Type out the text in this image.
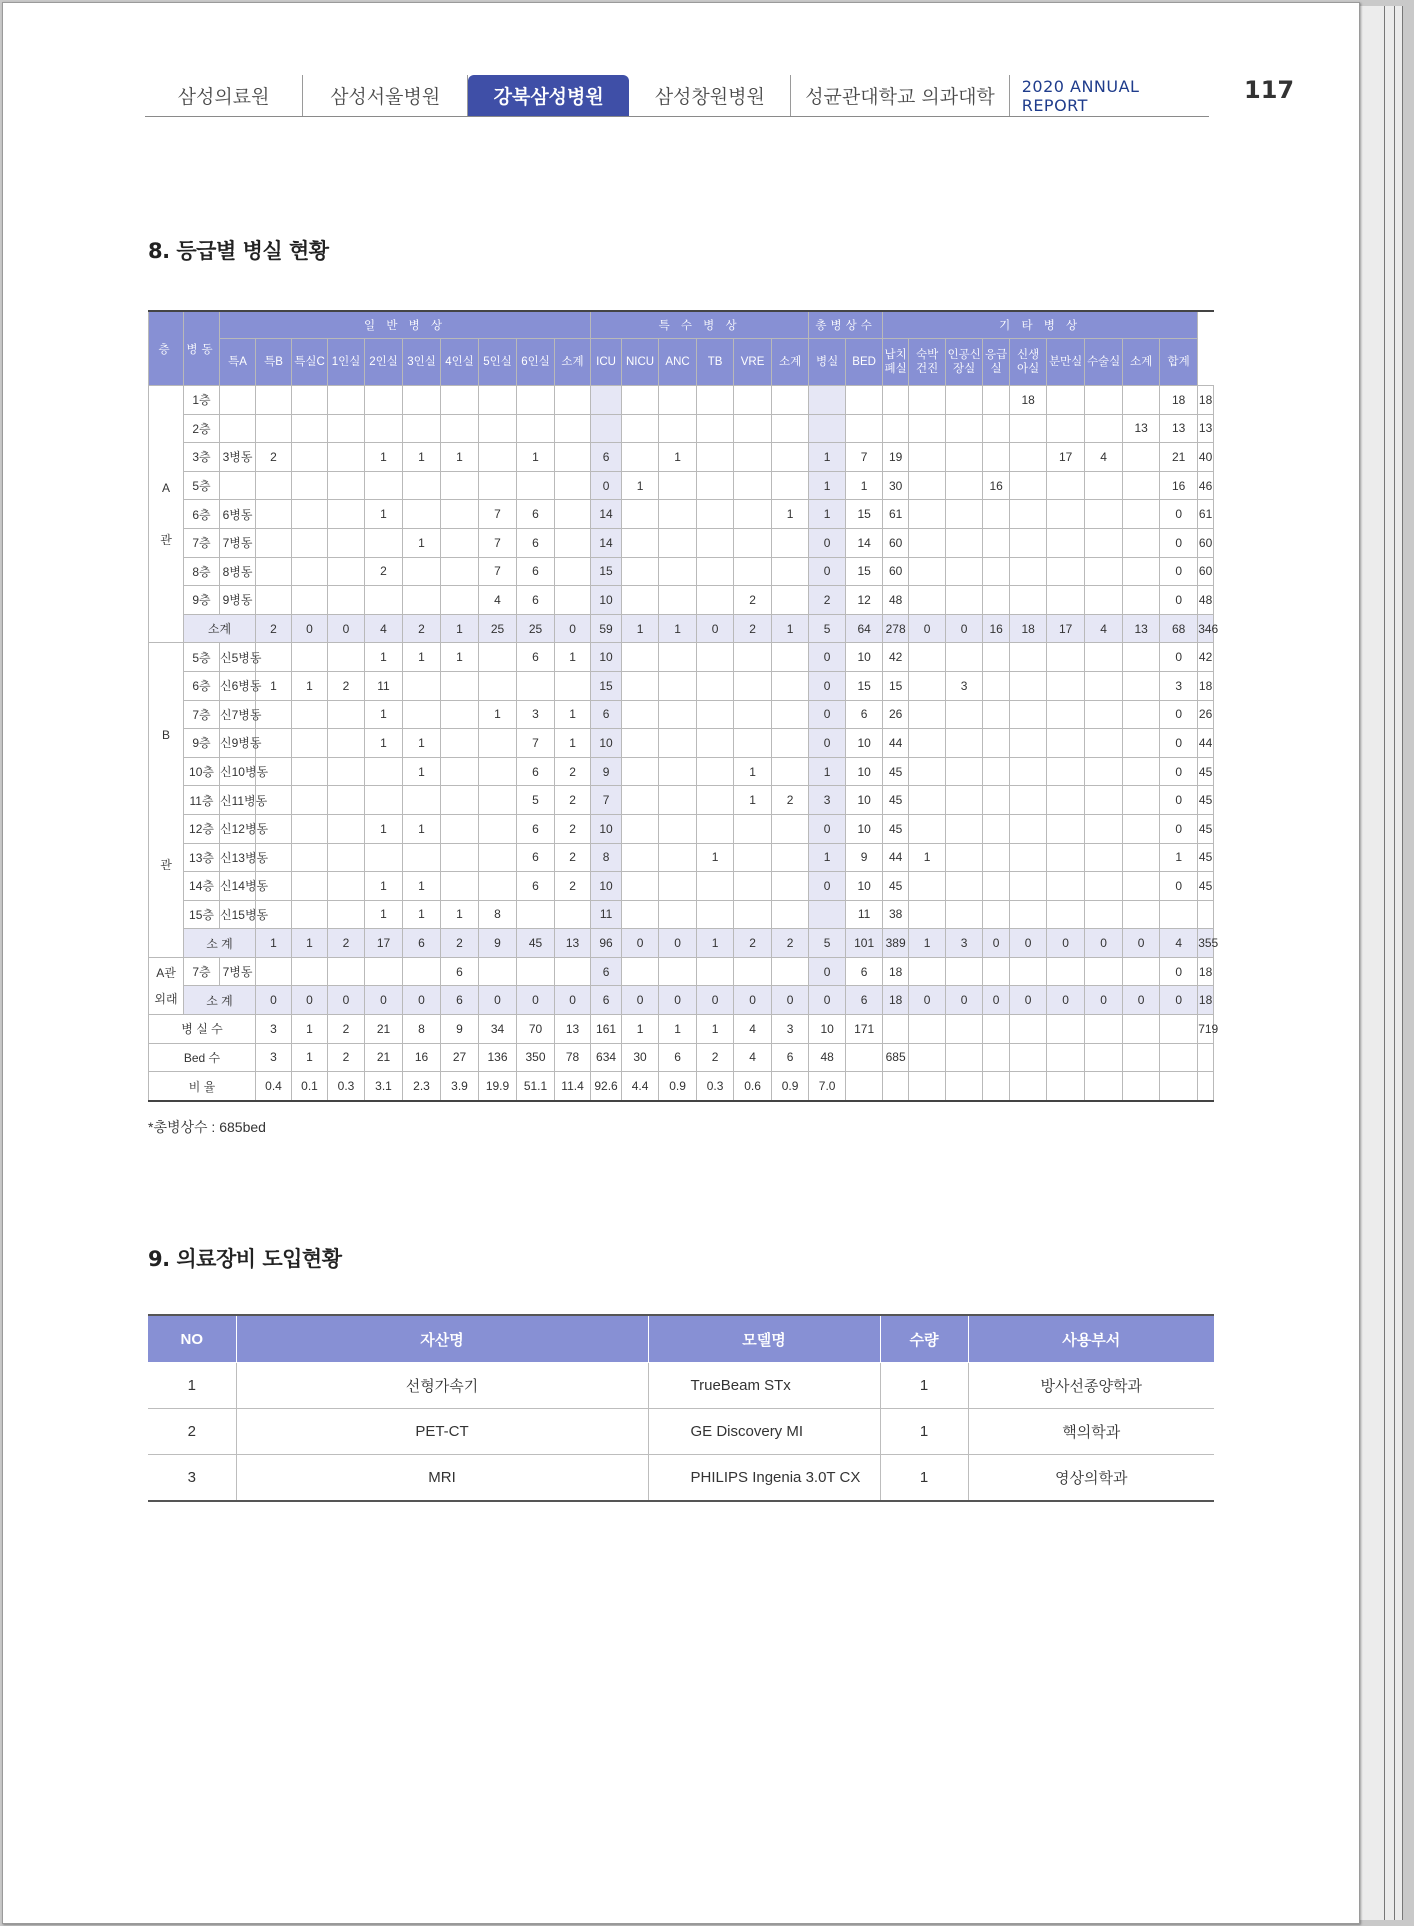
삼성의료원	삼성서울병원	강북삼성병원	삼성창원병원	성균관대학교 의과대학	2020 ANNUAL REPORT
117
8. 등급별 병실 현황
층	병동	일 반 병 상										특 수 병 상						총병상수		기 타 병 상									
		특A	특B	특실C	1인실	2인실	3인실	4인실	5인실	6인실	소계	ICU	NICU	ANC	TB	VRE	소계	병실	BED	납치 폐실	숙박 건진	인공신 장실	응급 실	신생 아실	분만실	수술실	소계	합계	
A

관	1층																							18				18	18
	2층																										13	13	13
	3층	3병동	2			1	1	1		1		6		1				1	7	19					17	4		21	40
	5층											0	1					1	1	30			16					16	46
	6층	6병동				1			7	6		14					1	1	15	61								0	61
	7층	7병동					1		7	6		14						0	14	60								0	60
	8층	8병동				2			7	6		15						0	15	60								0	60
	9층	9병동							4	6		10				2		2	12	48								0	48
	소계		2	0	0	4	2	1	25	25	0	59	1	1	0	2	1	5	64	278	0	0	16	18	17	4	13	68	346
B

관	5층	신5병동				1	1	1		6	1	10						0	10	42								0	42
	6층	신6병동	1	1	2	11						15						0	15	15		3						3	18
	7층	신7병동				1			1	3	1	6						0	6	26								0	26
	9층	신9병동				1	1			7	1	10						0	10	44								0	44
	10층	신10병동					1			6	2	9				1		1	10	45								0	45
	11층	신11병동								5	2	7				1	2	3	10	45								0	45
	12층	신12병동				1	1			6	2	10						0	10	45								0	45
	13층	신13병동								6	2	8			1			1	9	44	1							1	45
	14층	신14병동				1	1			6	2	10						0	10	45								0	45
	15층	신15병동				1	1	1	8			11							11	38									
	소 계		1	1	2	17	6	2	9	45	13	96	0	0	1	2	2	5	101	389	1	3	0	0	0	0	0	4	355
A관
외래	7층	7병동						6				6						0	6	18								0	18
	소 계		0	0	0	0	0	6	0	0	0	6	0	0	0	0	0	0	6	18	0	0	0	0	0	0	0	0	18
병 실 수			3	1	2	21	8	9	34	70	13	161	1	1	1	4	3	10	171										719
Bed 수			3	1	2	21	16	27	136	350	78	634	30	6	2	4	6	48		685									
비 율			0.4	0.1	0.3	3.1	2.3	3.9	19.9	51.1	11.4	92.6	4.4	0.9	0.3	0.6	0.9	7.0											
*총병상수 : 685bed
9. 의료장비 도입현황
NO	자산명	모델명	수량	사용부서
1	선형가속기	TrueBeam STx	1	방사선종양학과
2	PET-CT	GE Discovery MI	1	핵의학과
3	MRI	PHILIPS Ingenia 3.0T CX	1	영상의학과
